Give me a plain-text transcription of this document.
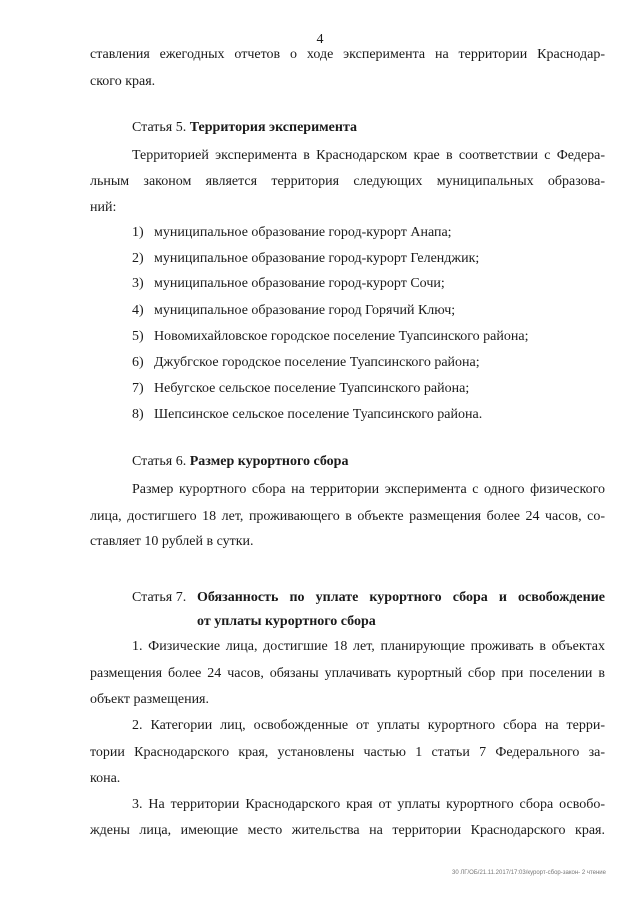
4
ставления ежегодных отчетов о ходе эксперимента на территории Краснодар-
ского края.
Статья 5. Территория эксперимента
Территорией эксперимента в Краснодарском крае в соответствии с Федера-
льным законом является территория следующих муниципальных образова-
ний:
1) муниципальное образование город-курорт Анапа;
2) муниципальное образование город-курорт Геленджик;
3) муниципальное образование город-курорт Сочи;
4) муниципальное образование город Горячий Ключ;
5) Новомихайловское городское поселение Туапсинского района;
6) Джубгское городское поселение Туапсинского района;
7) Небугское сельское поселение Туапсинского района;
8) Шепсинское сельское поселение Туапсинского района.
Статья 6. Размер курортного сбора
Размер курортного сбора на территории эксперимента с одного физического
лица, достигшего 18 лет, проживающего в объекте размещения более 24 часов, со-
ставляет 10 рублей в сутки.
Статья 7. Обязанность по уплате курортного сбора и освобождение
от уплаты курортного сбора
1. Физические лица, достигшие 18 лет, планирующие проживать в объектах
размещения более 24 часов, обязаны уплачивать курортный сбор при поселении в
объект размещения.
2. Категории лиц, освобожденные от уплаты курортного сбора на терри-
тории Краснодарского края, установлены частью 1 статьи 7 Федерального за-
кона.
3. На территории Краснодарского края от уплаты курортного сбора освобо-
ждены лица, имеющие место жительства на территории Краснодарского края.
30 ЛГ/ОБ/21.11.2017/17:03/курорт-сбор-закон- 2 чтение
